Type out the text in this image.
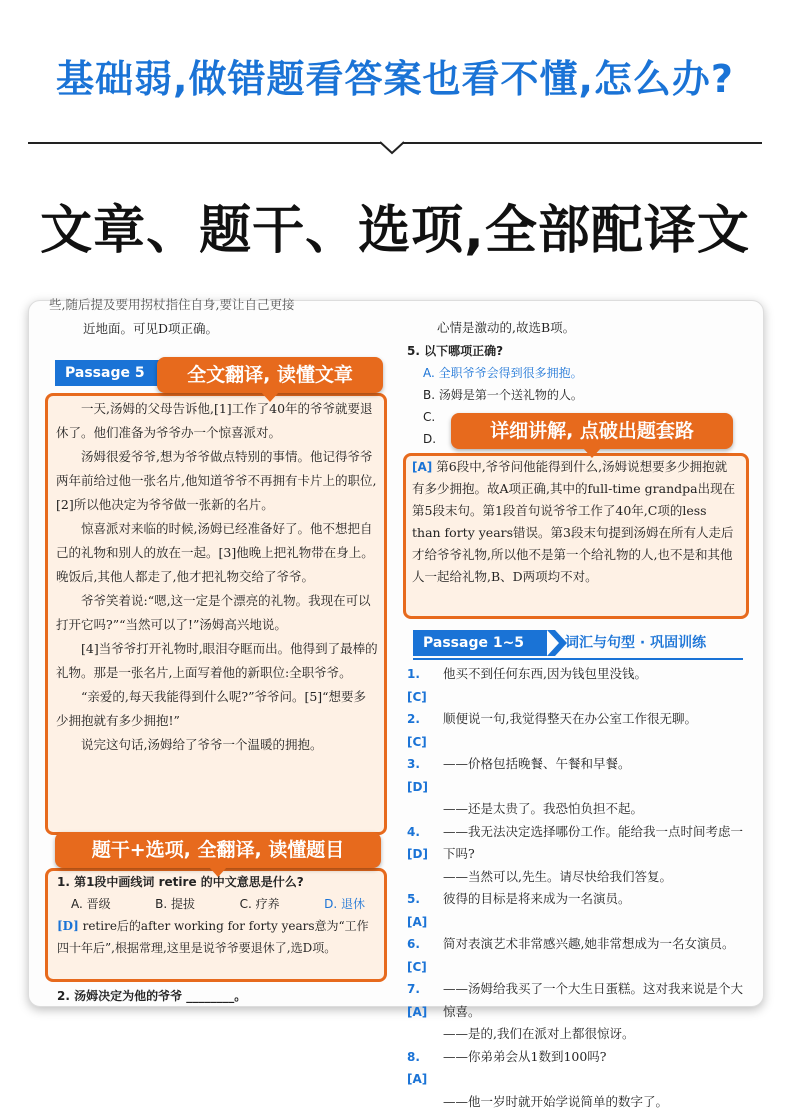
基础弱,做错题看答案也看不懂,怎么办?
文章、题干、选项,全部配译文
些,随后提及要用拐杖指住自身,要让自己更接
近地面。可见D项正确。
Passage 5

一天,汤姆的父母告诉他,[1]工作了40年的爷爷就要退休了。他们准备为爷爷办一个惊喜派对。

汤姆很爱爷爷,想为爷爷做点特别的事情。他记得爷爷两年前给过他一张名片,他知道爷爷不再拥有卡片上的职位,[2]所以他决定为爷爷做一张新的名片。

惊喜派对来临的时候,汤姆已经准备好了。他不想把自己的礼物和别人的放在一起。[3]他晚上把礼物带在身上。晚饭后,其他人都走了,他才把礼物交给了爷爷。

爷爷笑着说:“嗯,这一定是个漂亮的礼物。我现在可以打开它吗?”“当然可以了!”汤姆高兴地说。

[4]当爷爷打开礼物时,眼泪夺眶而出。他得到了最棒的礼物。那是一张名片,上面写着他的新职位:全职爷爷。

“亲爱的,每天我能得到什么呢?”爷爷问。[5]“想要多少拥抱就有多少拥抱!”

说完这句话,汤姆给了爷爷一个温暖的拥抱。

1. 第1段中画线词 retire 的中文意思是什么?
A. 晋级	B. 提拔	C. 疗养	D. 退休
[D] retire后的after working for forty years意为“工作四十年后”,根据常理,这里是说爷爷要退休了,选D项。
2. 汤姆决定为他的爷爷 ________。
全文翻译, 读懂文章
题干+选项, 全翻译, 读懂题目
心情是激动的,故选B项。
5. 以下哪项正确?
A. 全职爷爷会得到很多拥抱。
B. 汤姆是第一个送礼物的人。
C.
D.
[A] 第6段中,爷爷问他能得到什么,汤姆说想要多少拥抱就有多少拥抱。故A项正确,其中的full-time grandpa出现在第5段末句。第1段首句说爷爷工作了40年,C项的less than forty years错误。第3段末句提到汤姆在所有人走后才给爷爷礼物,所以他不是第一个给礼物的人,也不是和其他人一起给礼物,B、D两项均不对。
详细讲解, 点破出题套路
Passage 1~5	词汇与句型 · 巩固训练
1. [C]
他买不到任何东西,因为钱包里没钱。
2. [C]
顺便说一句,我觉得整天在办公室工作很无聊。
3. [D]
——价格包括晚餐、午餐和早餐。
——还是太贵了。我恐怕负担不起。
4. [D]
——我无法决定选择哪份工作。能给我一点时间考虑一下吗?
——当然可以,先生。请尽快给我们答复。
5. [A]
彼得的目标是将来成为一名演员。
6. [C]
简对表演艺术非常感兴趣,她非常想成为一名女演员。
7. [A]
——汤姆给我买了一个大生日蛋糕。这对我来说是个大惊喜。
——是的,我们在派对上都很惊讶。
8. [A]
——你弟弟会从1数到100吗?
——他一岁时就开始学说简单的数字了。
